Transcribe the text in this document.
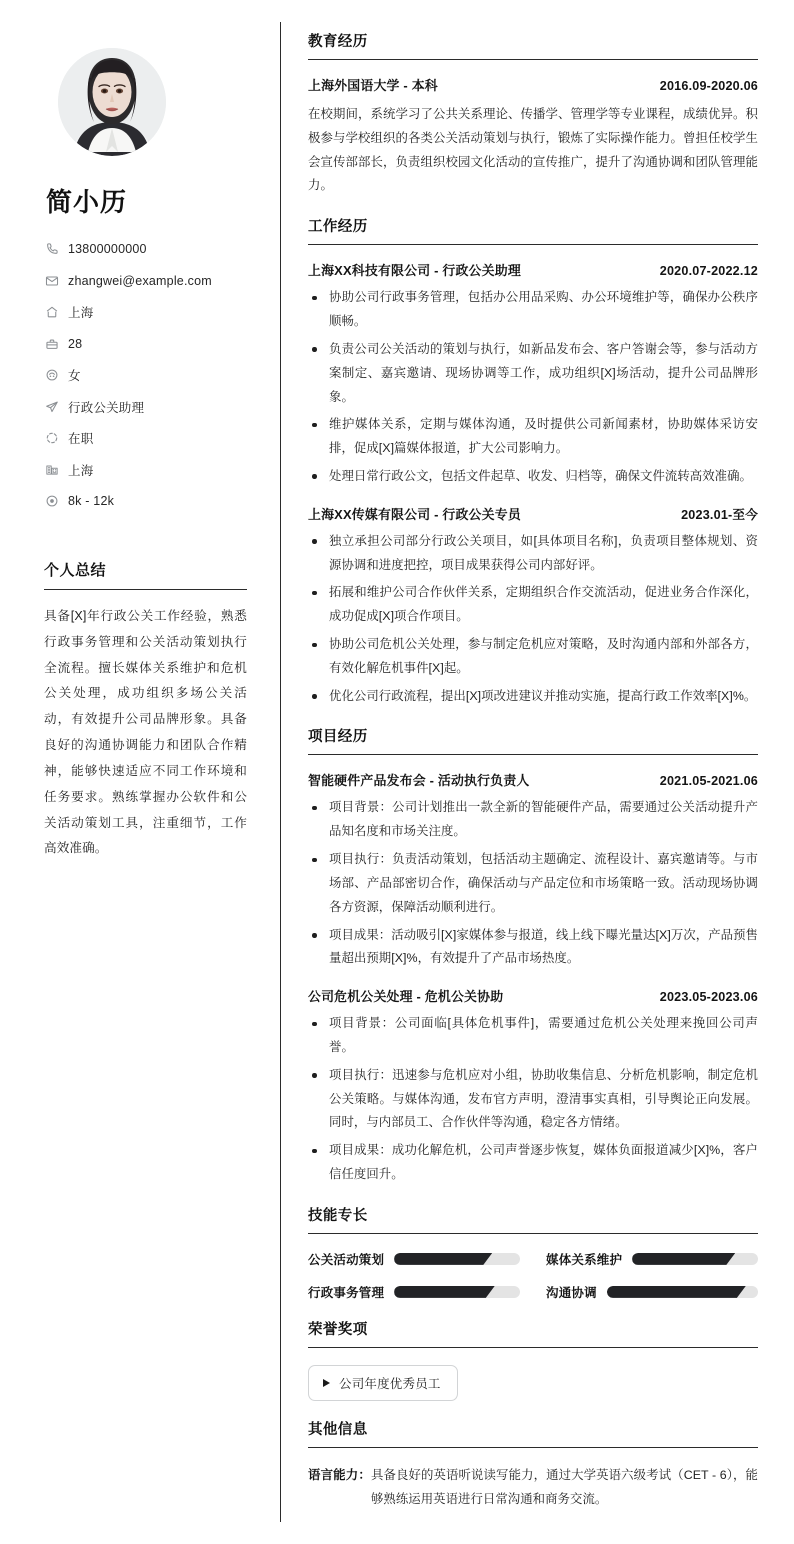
简小历
13800000000
zhangwei@example.com
上海
28
女
行政公关助理
在职
上海
8k - 12k
个人总结

具备[X]年行政公关工作经验，熟悉行政事务管理和公关活动策划执行全流程。擅长媒体关系维护和危机公关处理，成功组织多场公关活动，有效提升公司品牌形象。具备良好的沟通协调能力和团队合作精神，能够快速适应不同工作环境和任务要求。熟练掌握办公软件和公关活动策划工具，注重细节，工作高效准确。

教育经历
上海外国语大学 - 本科	2016.09-2020.06

在校期间，系统学习了公共关系理论、传播学、管理学等专业课程，成绩优异。积极参与学校组织的各类公关活动策划与执行，锻炼了实际操作能力。曾担任校学生会宣传部部长，负责组织校园文化活动的宣传推广，提升了沟通协调和团队管理能力。

工作经历
上海XX科技有限公司 - 行政公关助理	2020.07-2022.12
协助公司行政事务管理，包括办公用品采购、办公环境维护等，确保办公秩序顺畅。
负责公司公关活动的策划与执行，如新品发布会、客户答谢会等，参与活动方案制定、嘉宾邀请、现场协调等工作，成功组织[X]场活动，提升公司品牌形象。
维护媒体关系，定期与媒体沟通，及时提供公司新闻素材，协助媒体采访安排，促成[X]篇媒体报道，扩大公司影响力。
处理日常行政公文，包括文件起草、收发、归档等，确保文件流转高效准确。
上海XX传媒有限公司 - 行政公关专员	2023.01-至今
独立承担公司部分行政公关项目，如[具体项目名称]，负责项目整体规划、资源协调和进度把控，项目成果获得公司内部好评。
拓展和维护公司合作伙伴关系，定期组织合作交流活动，促进业务合作深化，成功促成[X]项合作项目。
协助公司危机公关处理，参与制定危机应对策略，及时沟通内部和外部各方，有效化解危机事件[X]起。
优化公司行政流程，提出[X]项改进建议并推动实施，提高行政工作效率[X]%。
项目经历
智能硬件产品发布会 - 活动执行负责人	2021.05-2021.06
项目背景：公司计划推出一款全新的智能硬件产品，需要通过公关活动提升产品知名度和市场关注度。
项目执行：负责活动策划，包括活动主题确定、流程设计、嘉宾邀请等。与市场部、产品部密切合作，确保活动与产品定位和市场策略一致。活动现场协调各方资源，保障活动顺利进行。
项目成果：活动吸引[X]家媒体参与报道，线上线下曝光量达[X]万次，产品预售量超出预期[X]%，有效提升了产品市场热度。
公司危机公关处理 - 危机公关协助	2023.05-2023.06
项目背景：公司面临[具体危机事件]，需要通过危机公关处理来挽回公司声誉。
项目执行：迅速参与危机应对小组，协助收集信息、分析危机影响，制定危机公关策略。与媒体沟通，发布官方声明，澄清事实真相，引导舆论正向发展。同时，与内部员工、合作伙伴等沟通，稳定各方情绪。
项目成果：成功化解危机，公司声誉逐步恢复，媒体负面报道减少[X]%，客户信任度回升。
技能专长
公关活动策划	媒体关系维护
行政事务管理	沟通协调
荣誉奖项
公司年度优秀员工
其他信息
语言能力： 具备良好的英语听说读写能力，通过大学英语六级考试（CET - 6），能够熟练运用英语进行日常沟通和商务交流。
